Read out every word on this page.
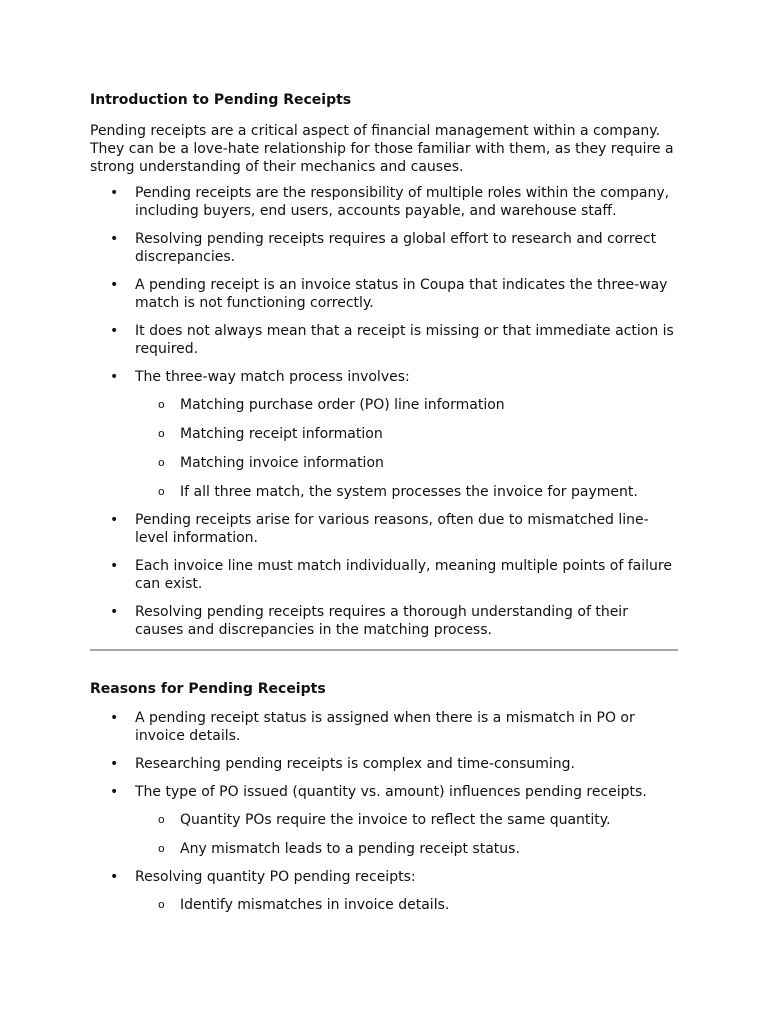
Introduction to Pending Receipts

Pending receipts are a critical aspect of financial management within a company. They can be a love-hate relationship for those familiar with them, as they require a strong understanding of their mechanics and causes.

• Pending receipts are the responsibility of multiple roles within the company, including buyers, end users, accounts payable, and warehouse staff.
• Resolving pending receipts requires a global effort to research and correct discrepancies.
• A pending receipt is an invoice status in Coupa that indicates the three-way match is not functioning correctly.
• It does not always mean that a receipt is missing or that immediate action is required.
• The three-way match process involves:
o Matching purchase order (PO) line information
o Matching receipt information
o Matching invoice information
o If all three match, the system processes the invoice for payment.
• Pending receipts arise for various reasons, often due to mismatched line-level information.
• Each invoice line must match individually, meaning multiple points of failure can exist.
• Resolving pending receipts requires a thorough understanding of their causes and discrepancies in the matching process.
Reasons for Pending Receipts
• A pending receipt status is assigned when there is a mismatch in PO or invoice details.
• Researching pending receipts is complex and time-consuming.
• The type of PO issued (quantity vs. amount) influences pending receipts.
o Quantity POs require the invoice to reflect the same quantity.
o Any mismatch leads to a pending receipt status.
• Resolving quantity PO pending receipts:
o Identify mismatches in invoice details.
